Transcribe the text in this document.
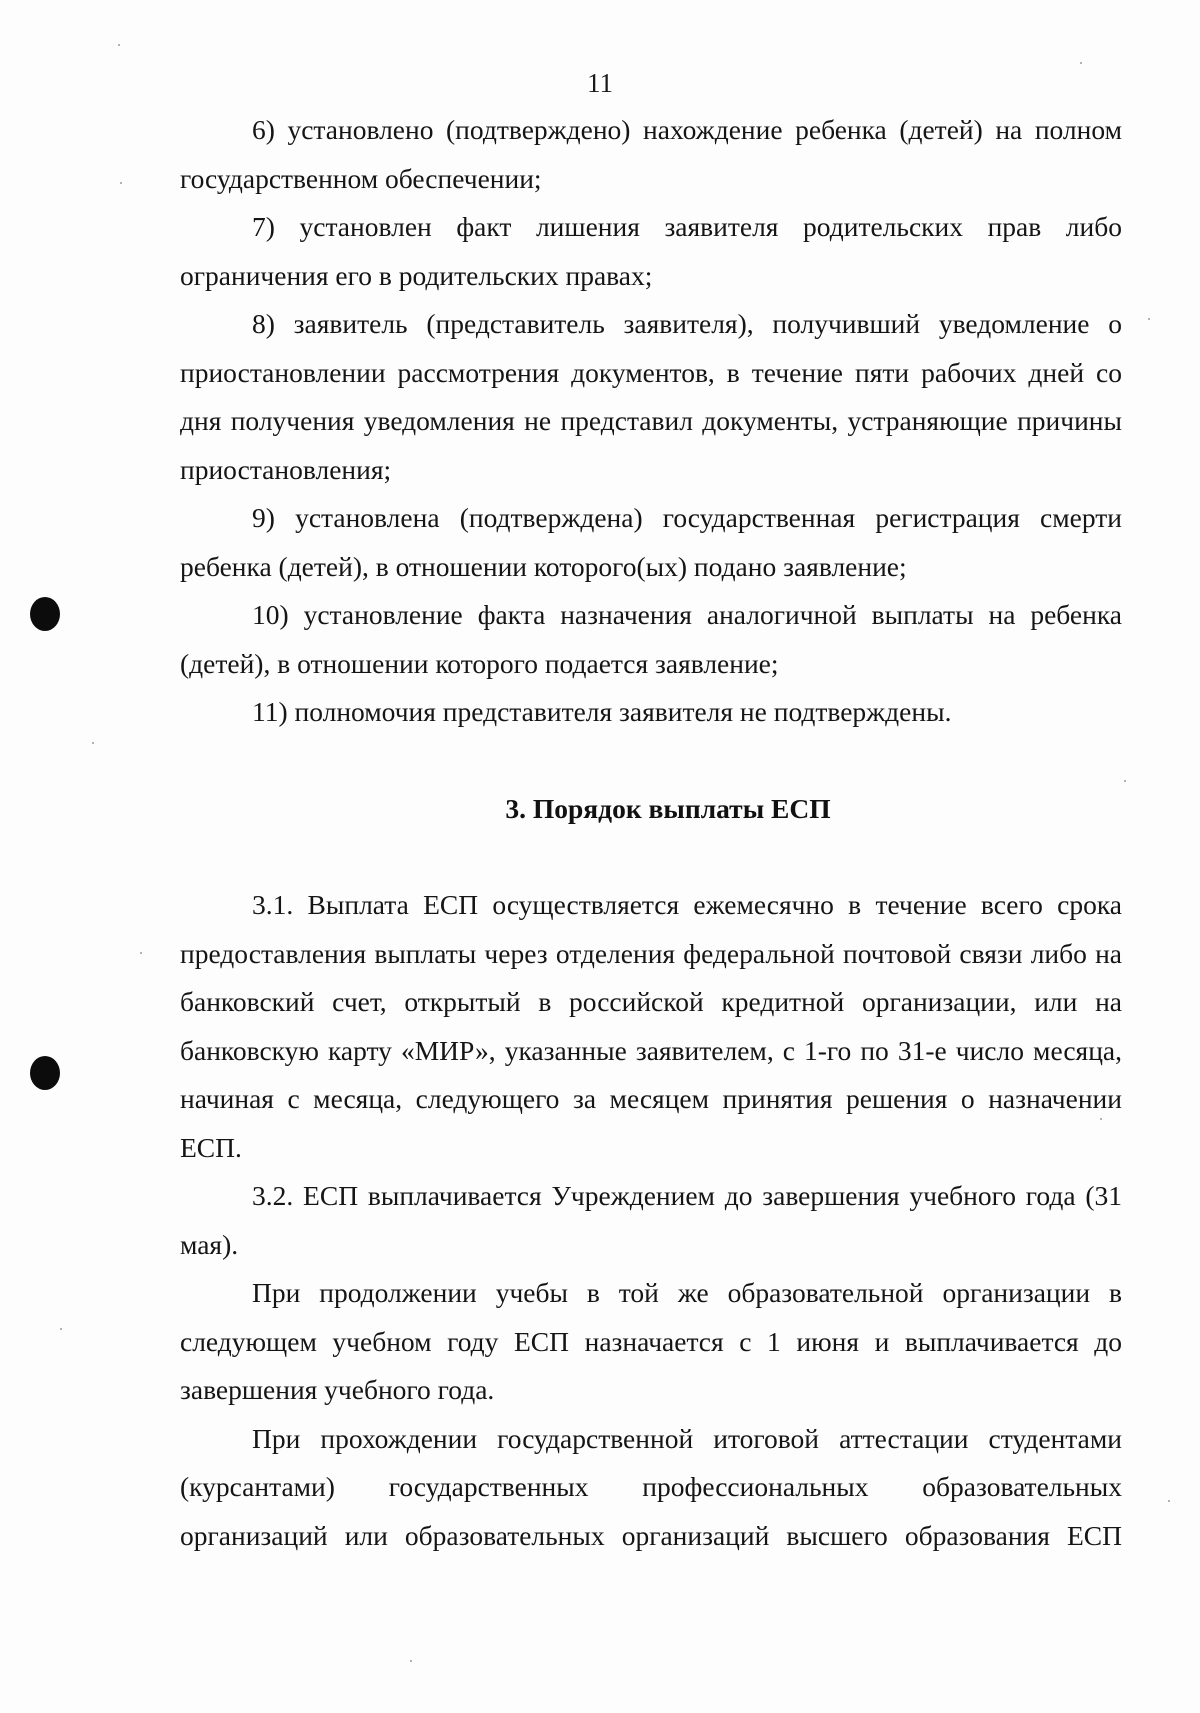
11

6) установлено (подтверждено) нахождение ребенка (детей) на полном государственном обеспечении;

7) установлен факт лишения заявителя родительских прав либо ограничения его в родительских правах;

8) заявитель (представитель заявителя), получивший уведомление о приостановлении рассмотрения документов, в течение пяти рабочих дней со дня получения уведомления не представил документы, устраняющие причины приостановления;

9) установлена (подтверждена) государственная регистрация смерти ребенка (детей), в отношении которого(ых) подано заявление;

10) установление факта назначения аналогичной выплаты на ребенка (детей), в отношении которого подается заявление;

11) полномочия представителя заявителя не подтверждены.

3. Порядок выплаты ЕСП

3.1. Выплата ЕСП осуществляется ежемесячно в течение всего срока предоставления выплаты через отделения федеральной почтовой связи либо на банковский счет, открытый в российской кредитной организации, или на банковскую карту «МИР», указанные заявителем, с 1-го по 31-е число месяца, начиная с месяца, следующего за месяцем принятия решения о назначении ЕСП.

3.2. ЕСП выплачивается Учреждением до завершения учебного года (31 мая).

При продолжении учебы в той же образовательной организации в следующем учебном году ЕСП назначается с 1 июня и выплачивается до завершения учебного года.

При прохождении государственной итоговой аттестации студентами (курсантами) государственных профессиональных образовательных организаций или образовательных организаций высшего образования ЕСП
